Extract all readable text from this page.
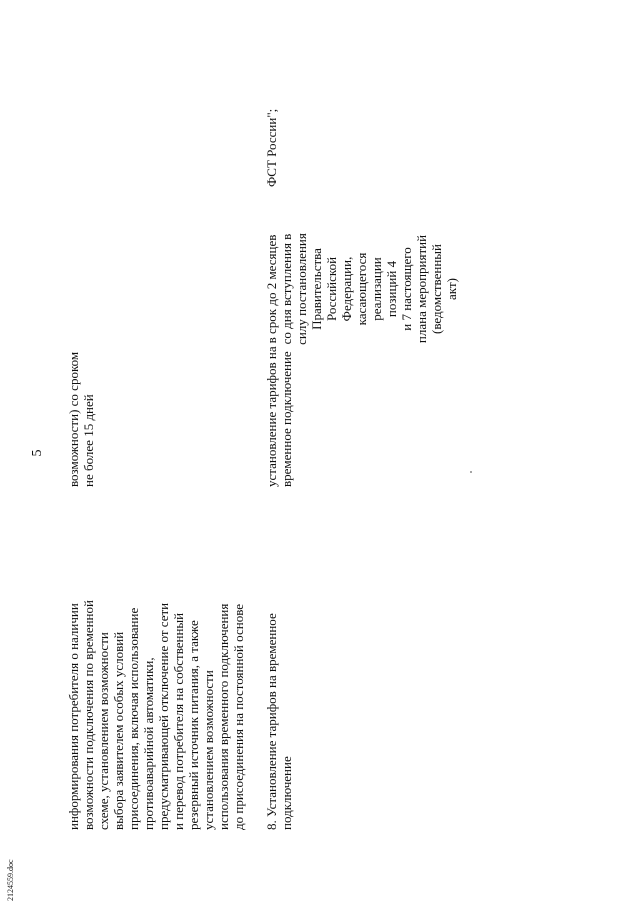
5
информирования потребителя о наличии
возможности подключения по временной
схеме, установлением возможности
выбора заявителем особых условий
присоединения, включая использование
противоаварийной автоматики,
предусматривающей отключение от сети
и перевод потребителя на собственный
резервный источник питания, а также
установлением возможности
использования временного подключения
до присоединения на постоянной основе
возможности) со сроком
не более 15 дней
8. Установление тарифов на временное
подключение
установление тарифов на
временное подключение
в срок до 2 месяцев
со дня вступления в
силу постановления
Правительства
Российской
Федерации,
касающегося
реализации
позиций 4
и 7 настоящего
плана мероприятий
(ведомственный
акт)
ФСТ России";
2124559.doc
